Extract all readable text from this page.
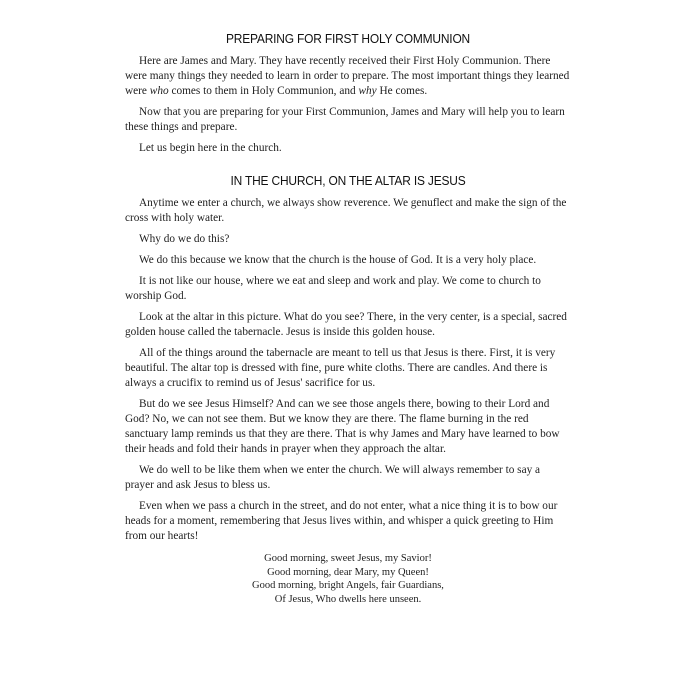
PREPARING FOR FIRST HOLY COMMUNION

Here are James and Mary. They have recently received their First Holy Communion. There were many things they needed to learn in order to prepare. The most important things they learned were who comes to them in Holy Communion, and why He comes.

Now that you are preparing for your First Communion, James and Mary will help you to learn these things and prepare.

Let us begin here in the church.

IN THE CHURCH, ON THE ALTAR IS JESUS

Anytime we enter a church, we always show reverence. We genuflect and make the sign of the cross with holy water.

Why do we do this?

We do this because we know that the church is the house of God. It is a very holy place.

It is not like our house, where we eat and sleep and work and play. We come to church to worship God.

Look at the altar in this picture. What do you see? There, in the very center, is a special, sacred golden house called the tabernacle. Jesus is inside this golden house.

All of the things around the tabernacle are meant to tell us that Jesus is there. First, it is very beautiful. The altar top is dressed with fine, pure white cloths. There are candles. And there is always a crucifix to remind us of Jesus' sacrifice for us.

But do we see Jesus Himself? And can we see those angels there, bowing to their Lord and God? No, we can not see them. But we know they are there. The flame burning in the red sanctuary lamp reminds us that they are there. That is why James and Mary have learned to bow their heads and fold their hands in prayer when they approach the altar.

We do well to be like them when we enter the church. We will always remember to say a prayer and ask Jesus to bless us.

Even when we pass a church in the street, and do not enter, what a nice thing it is to bow our heads for a moment, remembering that Jesus lives within, and whisper a quick greeting to Him from our hearts!

Good morning, sweet Jesus, my Savior!
Good morning, dear Mary, my Queen!
Good morning, bright Angels, fair Guardians,
Of Jesus, Who dwells here unseen.
